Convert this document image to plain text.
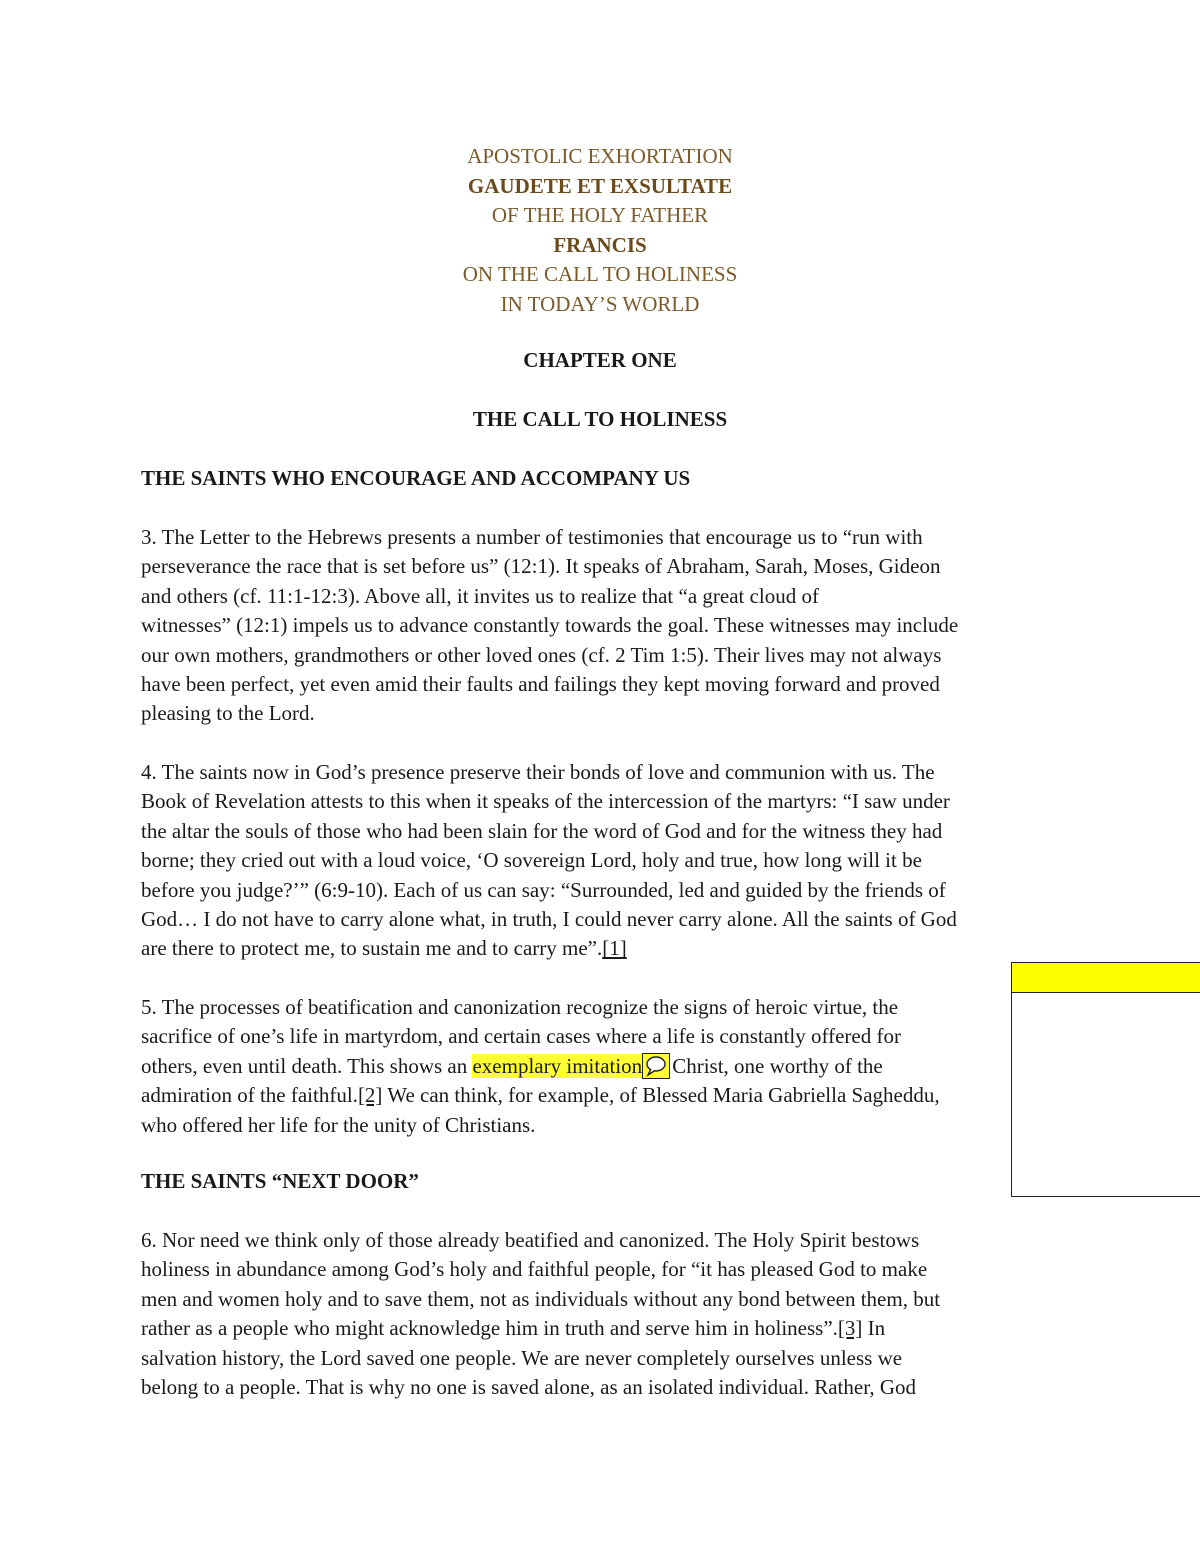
APOSTOLIC EXHORTATION
GAUDETE ET EXSULTATE
OF THE HOLY FATHER
FRANCIS
ON THE CALL TO HOLINESS
IN TODAY’S WORLD
CHAPTER ONE
THE CALL TO HOLINESS
THE SAINTS WHO ENCOURAGE AND ACCOMPANY US
3. The Letter to the Hebrews presents a number of testimonies that encourage us to “run with
perseverance the race that is set before us” (12:1). It speaks of Abraham, Sarah, Moses, Gideon
and others (cf. 11:1-12:3). Above all, it invites us to realize that “a great cloud of
witnesses” (12:1) impels us to advance constantly towards the goal. These witnesses may include
our own mothers, grandmothers or other loved ones (cf. 2 Tim 1:5). Their lives may not always
have been perfect, yet even amid their faults and failings they kept moving forward and proved
pleasing to the Lord.
4. The saints now in God’s presence preserve their bonds of love and communion with us. The
Book of Revelation attests to this when it speaks of the intercession of the martyrs: “I saw under
the altar the souls of those who had been slain for the word of God and for the witness they had
borne; they cried out with a loud voice, ‘O sovereign Lord, holy and true, how long will it be
before you judge?’” (6:9-10). Each of us can say: “Surrounded, led and guided by the friends of
God… I do not have to carry alone what, in truth, I could never carry alone. All the saints of God
are there to protect me, to sustain me and to carry me”.[1]
5. The processes of beatification and canonization recognize the signs of heroic virtue, the
sacrifice of one’s life in martyrdom, and certain cases where a life is constantly offered for
others, even until death. This shows an exemplary imitation Christ, one worthy of the
admiration of the faithful.[2] We can think, for example, of Blessed Maria Gabriella Sagheddu,
who offered her life for the unity of Christians.
THE SAINTS “NEXT DOOR”
6. Nor need we think only of those already beatified and canonized. The Holy Spirit bestows
holiness in abundance among God’s holy and faithful people, for “it has pleased God to make
men and women holy and to save them, not as individuals without any bond between them, but
rather as a people who might acknowledge him in truth and serve him in holiness”.[3] In
salvation history, the Lord saved one people. We are never completely ourselves unless we
belong to a people. That is why no one is saved alone, as an isolated individual. Rather, God
